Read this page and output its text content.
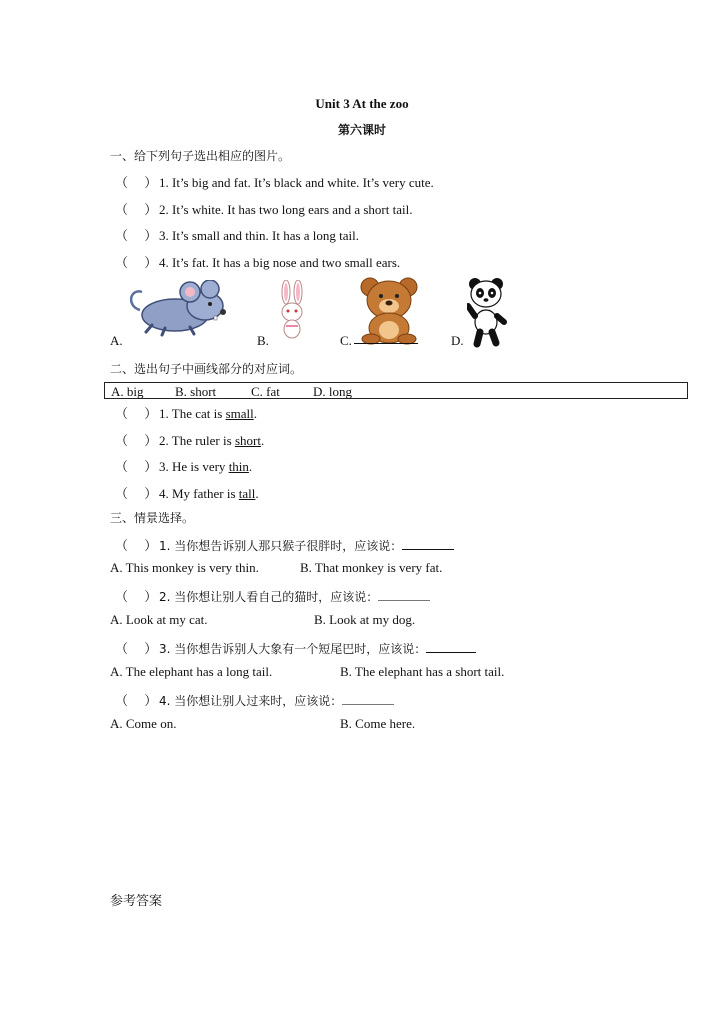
Unit 3 At the zoo
第六课时
一、给下列句子选出相应的图片。
（     ） 1. It’s big and fat. It’s black and white. It’s very cute.
（     ） 2. It’s white. It has two long ears and a short tail.
（     ） 3. It’s small and thin. It has a long tail.
（     ） 4. It’s fat. It has a big nose and two small ears.
A.	B.	C.	D.
二、选出句子中画线部分的对应词。
A. big B. short	C. fat	D. long
（     ） 1. The cat is small.
（     ） 2. The ruler is short.
（     ） 3. He is very thin.
（     ） 4. My father is tall.
三、情景选择。
（     ） 1. 当你想告诉别人那只猴子很胖时，应该说：
A. This monkey is very thin.	B. That monkey is very fat.
（     ） 2. 当你想让别人看自己的猫时，应该说：
A. Look at my cat.	B. Look at my dog.
（     ） 3. 当你想告诉别人大象有一个短尾巴时，应该说：
A. The elephant has a long tail.	B. The elephant has a short tail.
（     ） 4. 当你想让别人过来时，应该说：
A. Come on.	B. Come here.
参考答案
